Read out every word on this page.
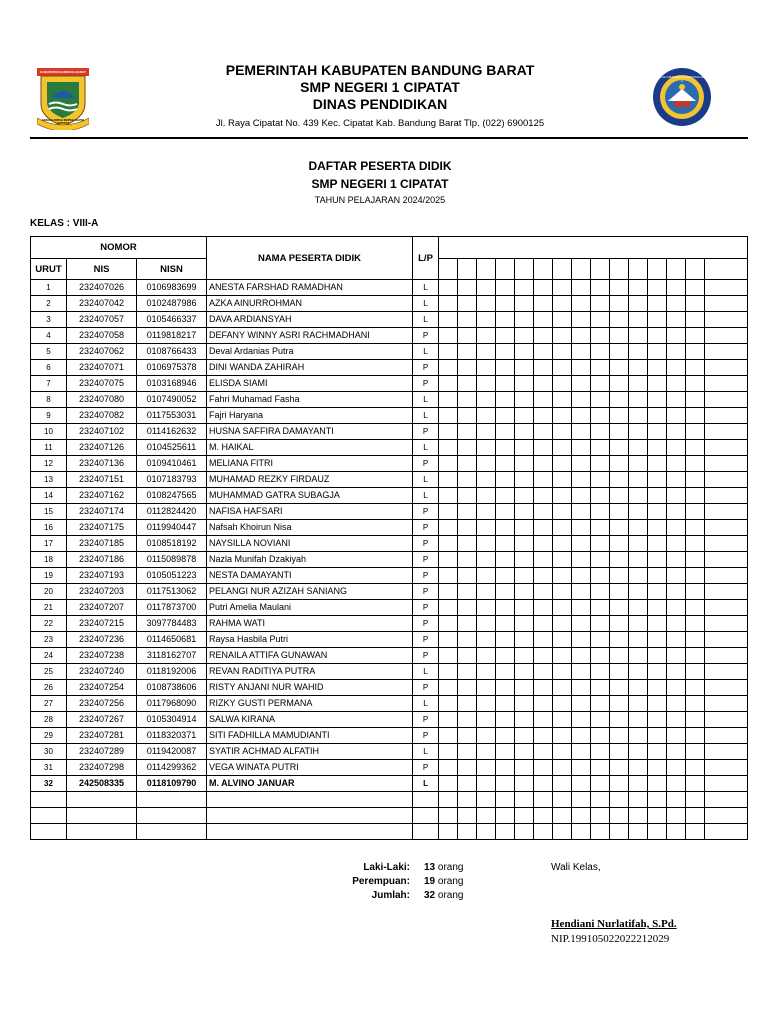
KABUPATEN BANDUNG BARAT
CIPATAT
GEMAH RIPAH REPEH RAPIH
SEKOLAH MENENGAH PERTAMA NEGERI 1
PEMERINTAH KABUPATEN BANDUNG BARAT
SMP NEGERI 1 CIPATAT
DINAS PENDIDIKAN
Jl. Raya Cipatat No. 439 Kec. Cipatat Kab. Bandung Barat Tlp. (022) 6900125
DAFTAR PESERTA DIDIK
SMP NEGERI 1 CIPATAT
TAHUN PELAJARAN 2024/2025
KELAS : VIII-A
NOMOR			NAMA PESERTA DIDIK	L/P															
URUT	NIS	NISN																	
1	232407026	0106983699	ANESTA FARSHAD RAMADHAN	L															
2	232407042	0102487986	AZKA AINURROHMAN	L															
3	232407057	0105466337	DAVA ARDIANSYAH	L															
4	232407058	0119818217	DEFANY WINNY ASRI RACHMADHANI	P															
5	232407062	0108766433	Deval Ardanias Putra	L															
6	232407071	0106975378	DINI WANDA ZAHIRAH	P															
7	232407075	0103168946	ELISDA SIAMI	P															
8	232407080	0107490052	Fahri Muhamad Fasha	L															
9	232407082	0117553031	Fajri Haryana	L															
10	232407102	0114162632	HUSNA SAFFIRA DAMAYANTI	P															
11	232407126	0104525611	M. HAIKAL	L															
12	232407136	0109410461	MELIANA FITRI	P															
13	232407151	0107183793	MUHAMAD REZKY FIRDAUZ	L															
14	232407162	0108247565	MUHAMMAD GATRA SUBAGJA	L															
15	232407174	0112824420	NAFISA HAFSARI	P															
16	232407175	0119940447	Nafsah Khoirun Nisa	P															
17	232407185	0108518192	NAYSILLA NOVIANI	P															
18	232407186	0115089878	Nazla Munifah Dzakiyah	P															
19	232407193	0105051223	NESTA DAMAYANTI	P															
20	232407203	0117513062	PELANGI NUR AZIZAH SANIANG	P															
21	232407207	0117873700	Putri Amelia Maulani	P															
22	232407215	3097784483	RAHMA WATI	P															
23	232407236	0114650681	Raysa Hasbila Putri	P															
24	232407238	3118162707	RENAILA ATTIFA GUNAWAN	P															
25	232407240	0118192006	REVAN RADITIYA PUTRA	L															
26	232407254	0108738606	RISTY ANJANI NUR WAHID	P															
27	232407256	0117968090	RIZKY GUSTI PERMANA	L															
28	232407267	0105304914	SALWA KIRANA	P															
29	232407281	0118320371	SITI FADHILLA MAMUDIANTI	P															
30	232407289	0119420087	SYATIR ACHMAD ALFATIH	L															
31	232407298	0114299362	VEGA WINATA PUTRI	P															
32	242508335	0118109790	M. ALVINO JANUAR	L															

Laki-Laki: 13
orang
Perempuan: 19
orang
Jumlah: 32
orang
Wali Kelas,
Hendiani Nurlatifah, S.Pd.
NIP.199105022022212029
